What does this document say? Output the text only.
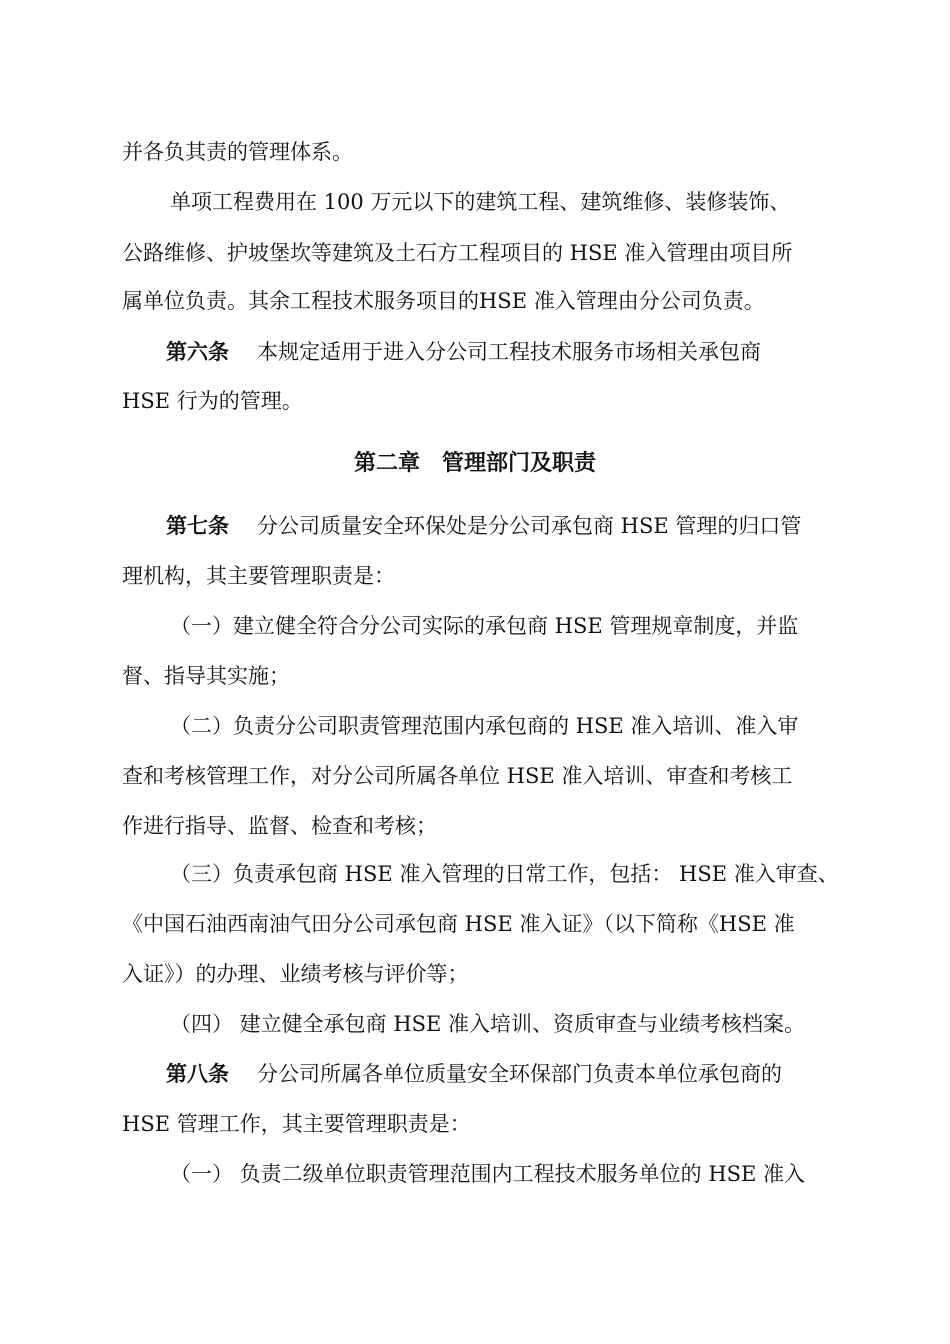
并各负其责的管理体系。
单项工程费用在 100 万元以下的建筑工程、建筑维修、装修装饰、
公路维修、护坡堡坎等建筑及土石方工程项目的 HSE 准入管理由项目所
属单位负责。其余工程技术服务项目的HSE 准入管理由分公司负责。
第六条 本规定适用于进入分公司工程技术服务市场相关承包商
HSE 行为的管理。
第二章　管理部门及职责
第七条 分公司质量安全环保处是分公司承包商 HSE 管理的归口管
理机构，其主要管理职责是：
（一）建立健全符合分公司实际的承包商 HSE 管理规章制度，并监
督、指导其实施；
（二）负责分公司职责管理范围内承包商的 HSE 准入培训、准入审
查和考核管理工作，对分公司所属各单位 HSE 准入培训、审查和考核工
作进行指导、监督、检查和考核；
（三）负责承包商 HSE 准入管理的日常工作，包括： HSE 准入审查、
《中国石油西南油气田分公司承包商 HSE 准入证》（以下简称《HSE 准
入证》）的办理、业绩考核与评价等；
（四） 建立健全承包商 HSE 准入培训、资质审查与业绩考核档案。
第八条 分公司所属各单位质量安全环保部门负责本单位承包商的
HSE 管理工作，其主要管理职责是：
（一） 负责二级单位职责管理范围内工程技术服务单位的 HSE 准入
